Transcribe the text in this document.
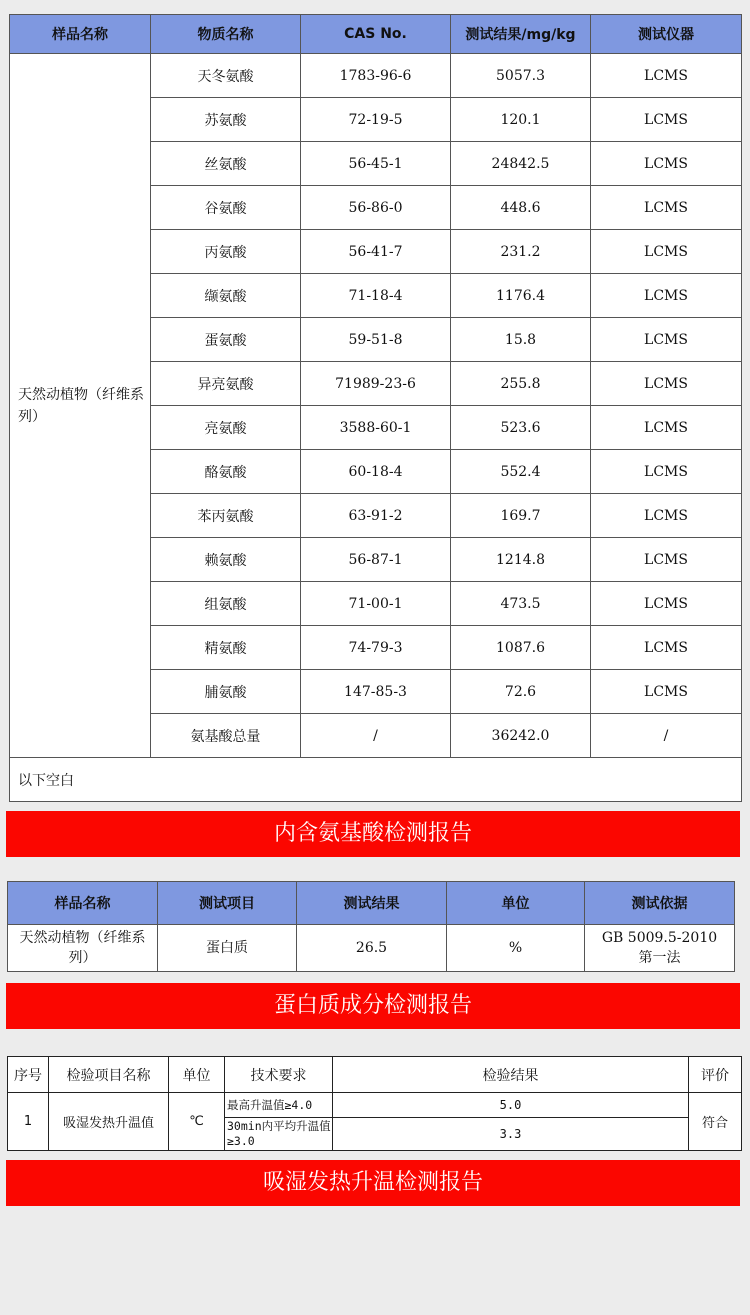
样品名称	物质名称	CAS No.	测试结果/mg/kg	测试仪器
天然动植物（纤维系列）	天冬氨酸	1783-96-6	5057.3	LCMS
	苏氨酸	72-19-5	120.1	LCMS
	丝氨酸	56-45-1	24842.5	LCMS
	谷氨酸	56-86-0	448.6	LCMS
	丙氨酸	56-41-7	231.2	LCMS
	缬氨酸	71-18-4	1176.4	LCMS
	蛋氨酸	59-51-8	15.8	LCMS
	异亮氨酸	71989-23-6	255.8	LCMS
	亮氨酸	3588-60-1	523.6	LCMS
	酪氨酸	60-18-4	552.4	LCMS
	苯丙氨酸	63-91-2	169.7	LCMS
	赖氨酸	56-87-1	1214.8	LCMS
	组氨酸	71-00-1	473.5	LCMS
	精氨酸	74-79-3	1087.6	LCMS
	脯氨酸	147-85-3	72.6	LCMS
	氨基酸总量	/	36242.0	/
以下空白				
内含氨基酸检测报告
样品名称	测试项目	测试结果	单位	测试依据
天然动植物（纤维系列）	蛋白质	26.5	%	GB 5009.5-2010
第一法
蛋白质成分检测报告
序号	检验项目名称	单位	技术要求	检验结果	评价
1	吸湿发热升温值	℃	最高升温值≥4.0	5.0	符合
			30min内平均升温值≥3.0	3.3	
吸湿发热升温检测报告
